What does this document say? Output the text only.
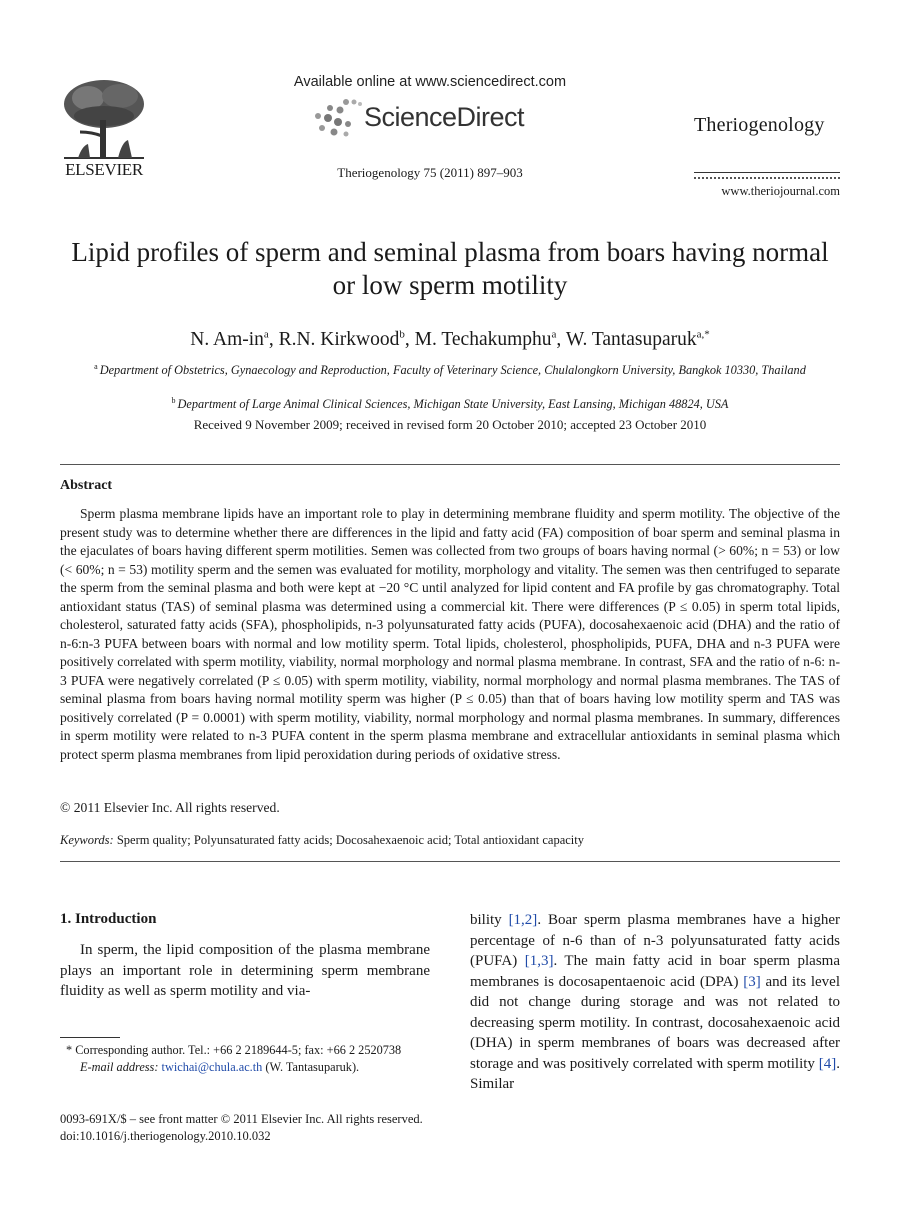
ELSEVIER
Available online at www.sciencedirect.com
ScienceDirect
Theriogenology 75 (2011) 897–903
Theriogenology
www.theriojournal.com
Lipid profiles of sperm and seminal plasma from boars having normal or low sperm motility
N. $Am-in^a$, R.N. Kirkwood$^b$, M. Techakumphu$^a$, W. Tantasuparuk$^{a,*}$
$^a$ Department of Obstetrics, Gynaecology and Reproduction, Faculty of Veterinary Science, Chulalongkorn University, Bangkok 10330, Thailand
$^b$ Department of Large Animal Clinical Sciences, Michigan State University, East Lansing, Michigan 48824, USA
Received 9 November 2009; received in revised form 20 October 2010; accepted 23 October 2010
Abstract
Sperm plasma membrane lipids have an important role to play in determining membrane fluidity and sperm motility. The objective of the present study was to determine whether there are differences in the lipid and fatty acid (FA) composition of boar sperm and seminal plasma in the ejaculates of boars having different sperm motilities. Semen was collected from two groups of boars having normal (> 60%; n = 53) or low (< 60%; n = 53) motility sperm and the semen was evaluated for motility, morphology and vitality. The semen was then centrifuged to separate the sperm from the seminal plasma and both were kept at −20 °C until analyzed for lipid content and FA profile by gas chromatography. Total antioxidant status (TAS) of seminal plasma was determined using a commercial kit. There were differences (P ≤ 0.05) in sperm total lipids, cholesterol, saturated fatty acids (SFA), phospholipids, n-3 polyunsaturated fatty acids (PUFA), docosahexaenoic acid (DHA) and the ratio of n-6:n-3 PUFA between boars with normal and low motility sperm. Total lipids, cholesterol, phospholipids, PUFA, DHA and n-3 PUFA were positively correlated with sperm motility, viability, normal morphology and normal plasma membrane. In contrast, SFA and the ratio of n-6: n-3 PUFA were negatively correlated (P ≤ 0.05) with sperm motility, viability, normal morphology and normal plasma membranes. The TAS of seminal plasma from boars having normal motility sperm was higher (P ≤ 0.05) than that of boars having low motility sperm and TAS was positively correlated (P = 0.0001) with sperm motility, viability, normal morphology and normal plasma membranes. In summary, differences in sperm motility were related to n-3 PUFA content in the sperm plasma membrane and extracellular antioxidants in seminal plasma which protect sperm plasma membranes from lipid peroxidation during periods of oxidative stress.
© 2011 Elsevier Inc. All rights reserved.
Keywords: Sperm quality; Polyunsaturated fatty acids; Docosahexaenoic acid; Total antioxidant capacity
1. Introduction
In sperm, the lipid composition of the plasma membrane plays an important role in determining sperm membrane fluidity as well as sperm motility and via-
bility [1,2]. Boar sperm plasma membranes have a higher percentage of n-6 than of n-3 polyunsaturated fatty acids (PUFA) [1,3]. The main fatty acid in boar sperm plasma membranes is docosapentaenoic acid (DPA) [3] and its level did not change during storage and was not related to decreasing sperm motility. In contrast, docosahexaenoic acid (DHA) in sperm membranes of boars was decreased after storage and was positively correlated with sperm motility [4]. Similar
* Corresponding author. Tel.: +66 2 2189644-5; fax: +66 2 2520738
E-mail address: twichai@chula.ac.th (W. Tantasuparuk).
0093-691X/$ – see front matter © 2011 Elsevier Inc. All rights reserved.
doi:10.1016/j.theriogenology.2010.10.032
